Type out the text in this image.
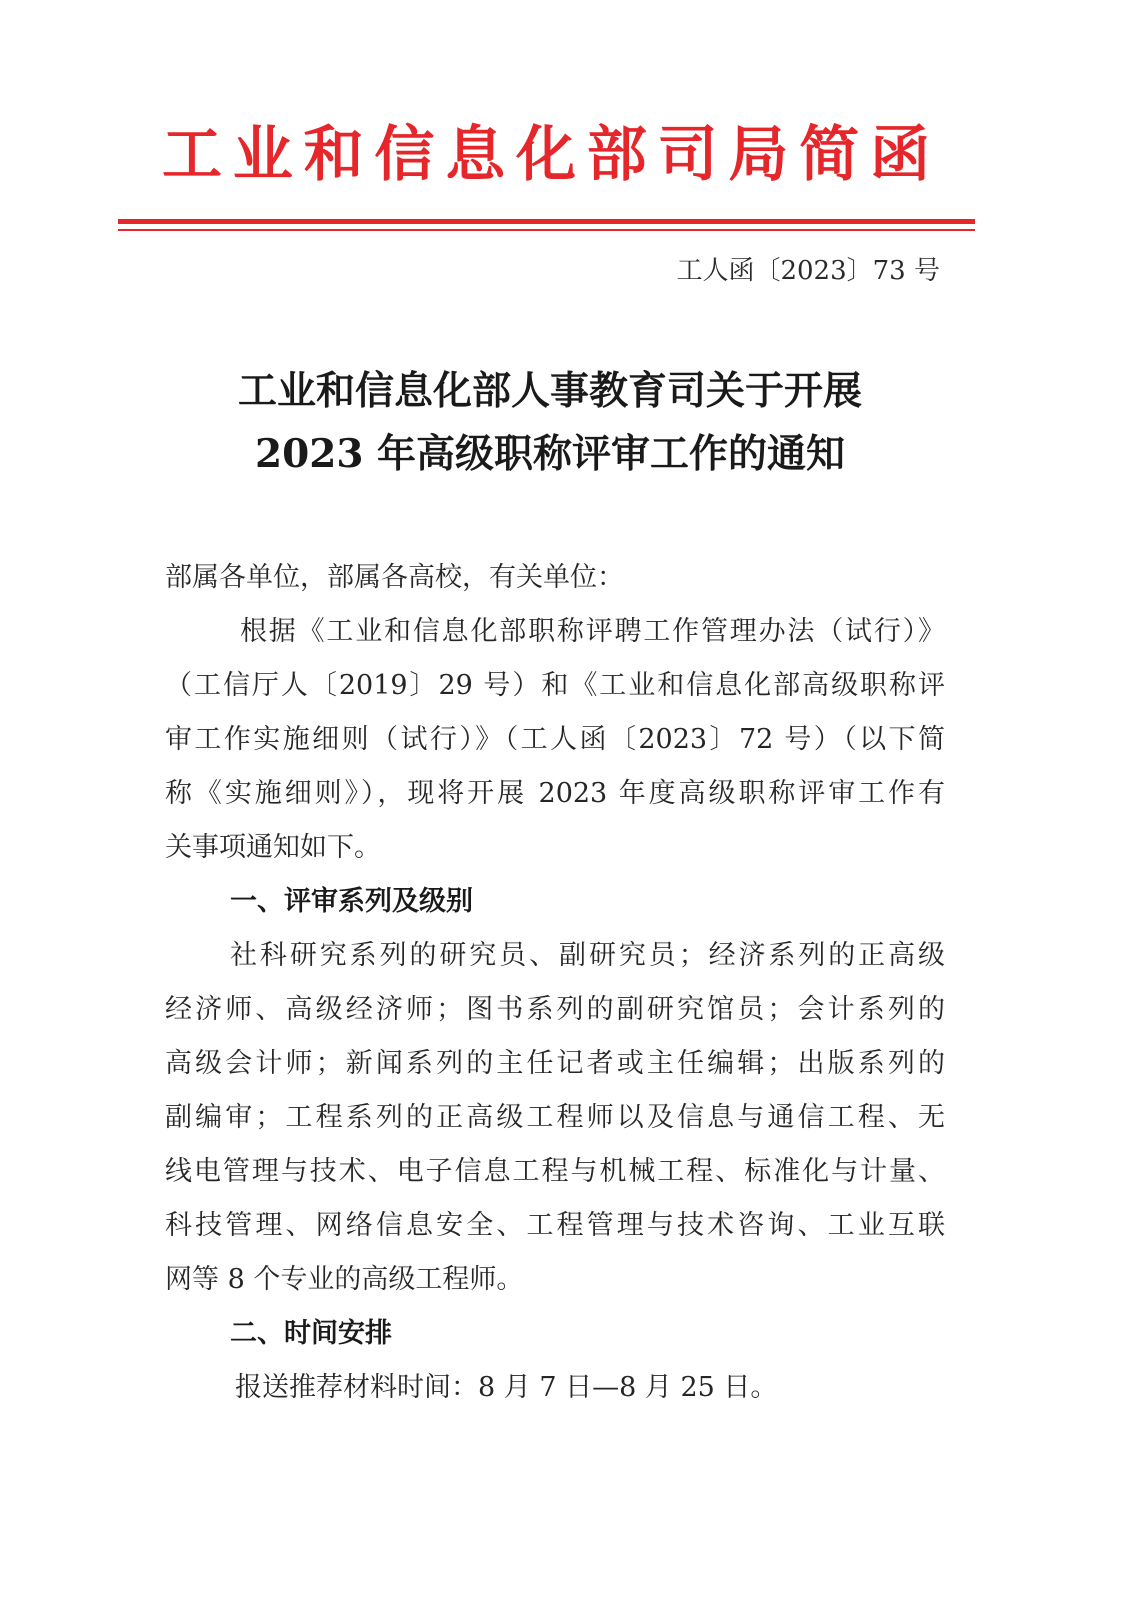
工业和信息化部司局简函
工人函〔2023〕73 号
工业和信息化部人事教育司关于开展
2023 年高级职称评审工作的通知
部属各单位，部属各高校，有关单位：
根据《工业和信息化部职称评聘工作管理办法（试行）》
（工信厅人〔2019〕29 号）和《工业和信息化部高级职称评
审工作实施细则（试行）》（工人函〔2023〕72 号）（以下简
称《实施细则》），现将开展 2023 年度高级职称评审工作有
关事项通知如下。
一、评审系列及级别
社科研究系列的研究员、副研究员；经济系列的正高级
经济师、高级经济师；图书系列的副研究馆员；会计系列的
高级会计师；新闻系列的主任记者或主任编辑；出版系列的
副编审；工程系列的正高级工程师以及信息与通信工程、无
线电管理与技术、电子信息工程与机械工程、标准化与计量、
科技管理、网络信息安全、工程管理与技术咨询、工业互联
网等 8 个专业的高级工程师。
二、时间安排
报送推荐材料时间：8 月 7 日—8 月 25 日。
